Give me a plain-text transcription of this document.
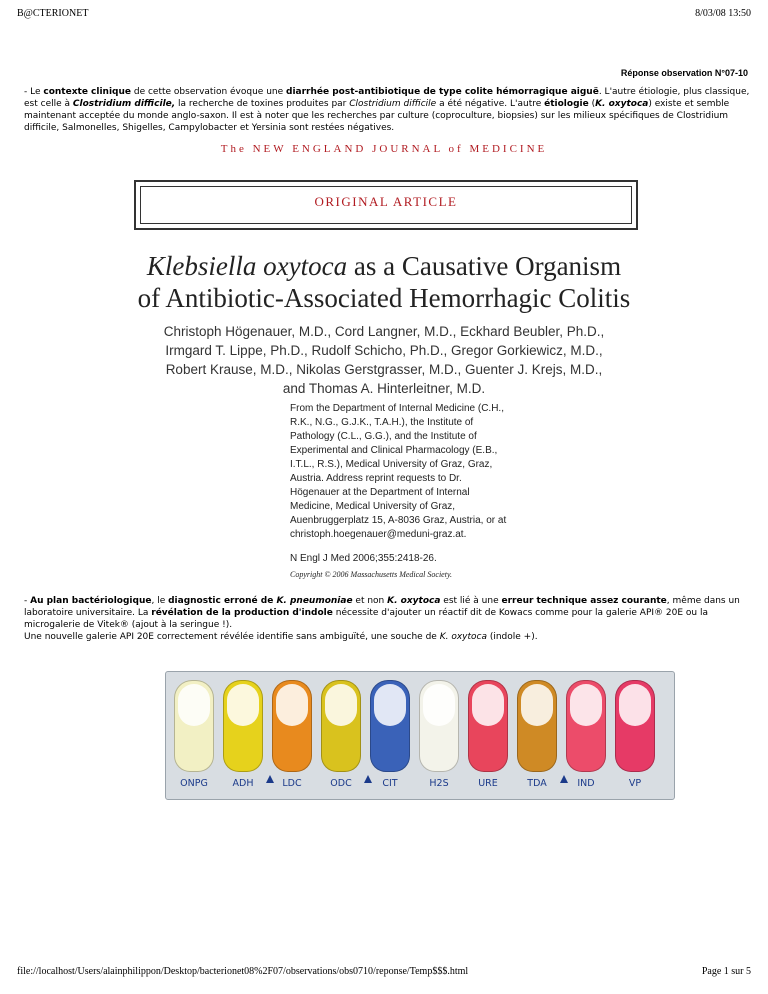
B@CTERIONET	8/03/08 13:50
Réponse observation N°07-10
- Le contexte clinique de cette observation évoque une diarrhée post-antibiotique de type colite hémorragique aiguë. L'autre étiologie, plus classique, est celle à Clostridium difficile, la recherche de toxines produites par Clostridium difficile a été négative. L'autre étiologie (K. oxytoca) existe et semble maintenant acceptée du monde anglo-saxon. Il est à noter que les recherches par culture (coproculture, biopsies) sur les milieux spécifiques de Clostridium difficile, Salmonelles, Shigelles, Campylobacter et Yersinia sont restées négatives.
The NEW ENGLAND JOURNAL of MEDICINE
ORIGINAL ARTICLE
Klebsiella oxytoca as a Causative Organism
of Antibiotic-Associated Hemorrhagic Colitis
Christoph Högenauer, M.D., Cord Langner, M.D., Eckhard Beubler, Ph.D.,
Irmgard T. Lippe, Ph.D., Rudolf Schicho, Ph.D., Gregor Gorkiewicz, M.D.,
Robert Krause, M.D., Nikolas Gerstgrasser, M.D., Guenter J. Krejs, M.D.,
and Thomas A. Hinterleitner, M.D.
From the Department of Internal Medicine (C.H., R.K., N.G., G.J.K., T.A.H.), the Institute of Pathology (C.L., G.G.), and the Institute of Experimental and Clinical Pharmacology (E.B., I.T.L., R.S.), Medical University of Graz, Graz, Austria. Address reprint requests to Dr. Högenauer at the Department of Internal Medicine, Medical University of Graz, Auenbruggerplatz 15, A-8036 Graz, Austria, or at christoph.hoegenauer@meduni-graz.at.
N Engl J Med 2006;355:2418-26.
Copyright © 2006 Massachusetts Medical Society.
- Au plan bactériologique, le diagnostic erroné de K. pneumoniae et non K. oxytoca est lié à une erreur technique assez courante, même dans un laboratoire universitaire. La révélation de la production d'indole nécessite d'ajouter un réactif dit de Kowacs comme pour la galerie API® 20E ou la microgalerie de Vitek® (ajout à la seringue !).
Une nouvelle galerie API 20E correctement révélée identifie sans ambiguïté, une souche de K. oxytoca (indole +).
ONPG	ADH	LDC	ODC	CIT	H2S	URE	TDA	IND	VP
file://localhost/Users/alainphilippon/Desktop/bacterionet08%2F07/observations/obs0710/reponse/Temp$$$.html	Page 1 sur 5
